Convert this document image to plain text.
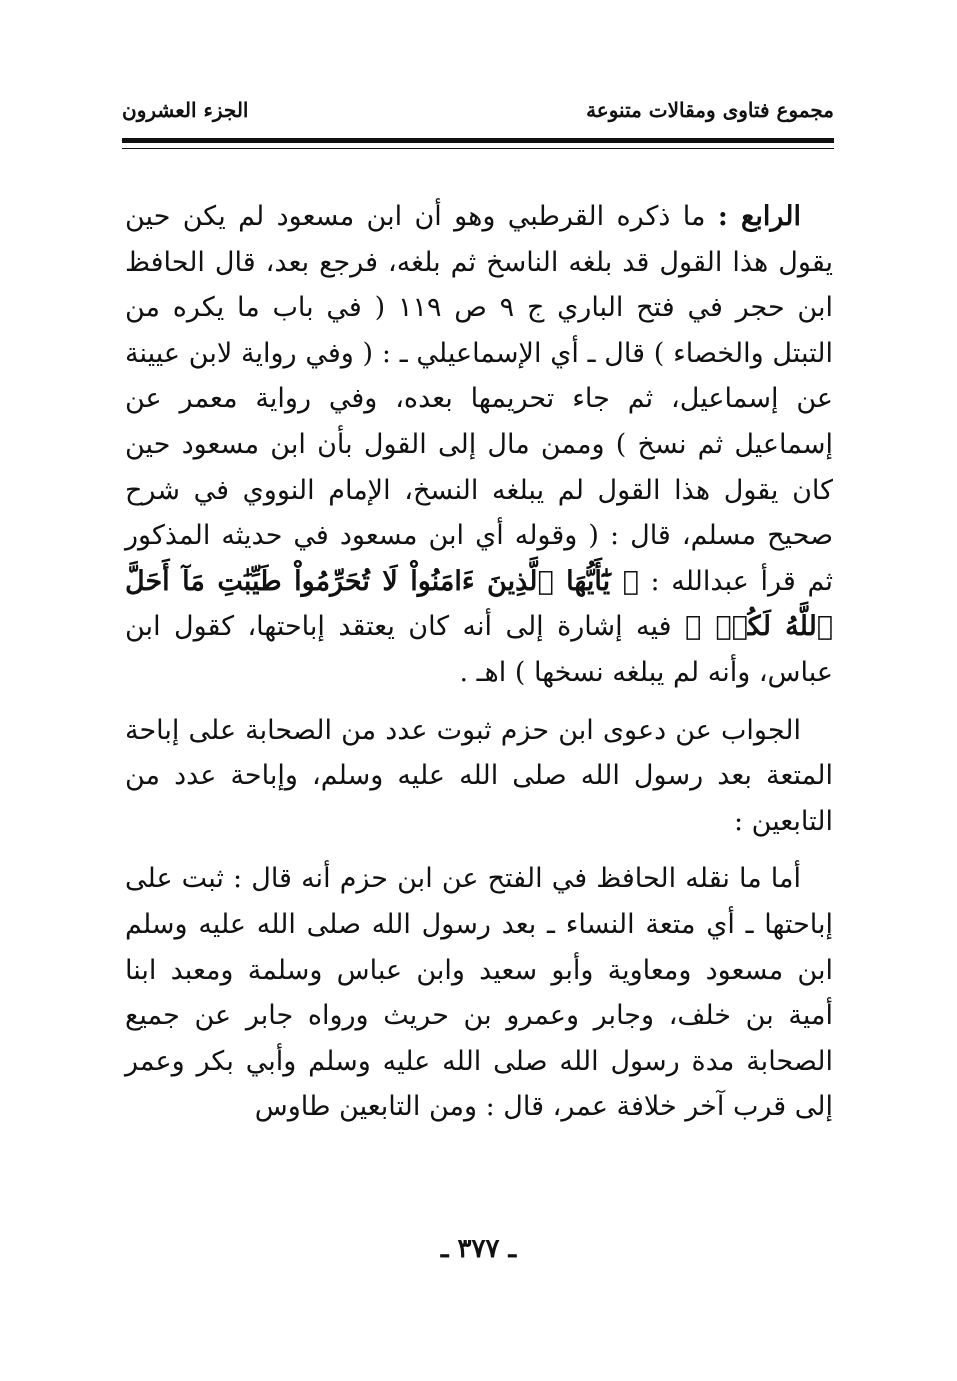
مجموع فتاوى ومقالات متنوعة
الجزء العشرون

الرابع : ما ذكره القرطبي وهو أن ابن مسعود لم يكن حين يقول هذا القول قد بلغه الناسخ ثم بلغه، فرجع بعد، قال الحافظ ابن حجر في فتح الباري ج ٩ ص ١١٩ ( في باب ما يكره من التبتل والخصاء ) قال ـ أي الإسماعيلي ـ : ( وفي رواية لابن عيينة عن إسماعيل، ثم جاء تحريمها بعده، وفي رواية معمر عن إسماعيل ثم نسخ ) وممن مال إلى القول بأن ابن مسعود حين كان يقول هذا القول لم يبلغه النسخ، الإمام النووي في شرح صحيح مسلم، قال : ( وقوله أي ابن مسعود في حديثه المذكور ثم قرأ عبدالله : ﴿ يَٰٓأَيُّهَا ٱلَّذِينَ ءَامَنُواْ لَا تُحَرِّمُواْ طَيِّبَٰتِ مَآ أَحَلَّ ٱللَّهُ لَكُمۡ ﴾ فيه إشارة إلى أنه كان يعتقد إباحتها، كقول ابن عباس، وأنه لم يبلغه نسخها ) اهـ .

الجواب عن دعوى ابن حزم ثبوت عدد من الصحابة على إباحة المتعة بعد رسول الله صلى الله عليه وسلم، وإباحة عدد من التابعين :

أما ما نقله الحافظ في الفتح عن ابن حزم أنه قال : ثبت على إباحتها ـ أي متعة النساء ـ بعد رسول الله صلى الله عليه وسلم ابن مسعود ومعاوية وأبو سعيد وابن عباس وسلمة ومعبد ابنا أمية بن خلف، وجابر وعمرو بن حريث ورواه جابر عن جميع الصحابة مدة رسول الله صلى الله عليه وسلم وأبي بكر وعمر إلى قرب آخر خلافة عمر، قال : ومن التابعين طاوس

ـ ٣٧٧ ـ
